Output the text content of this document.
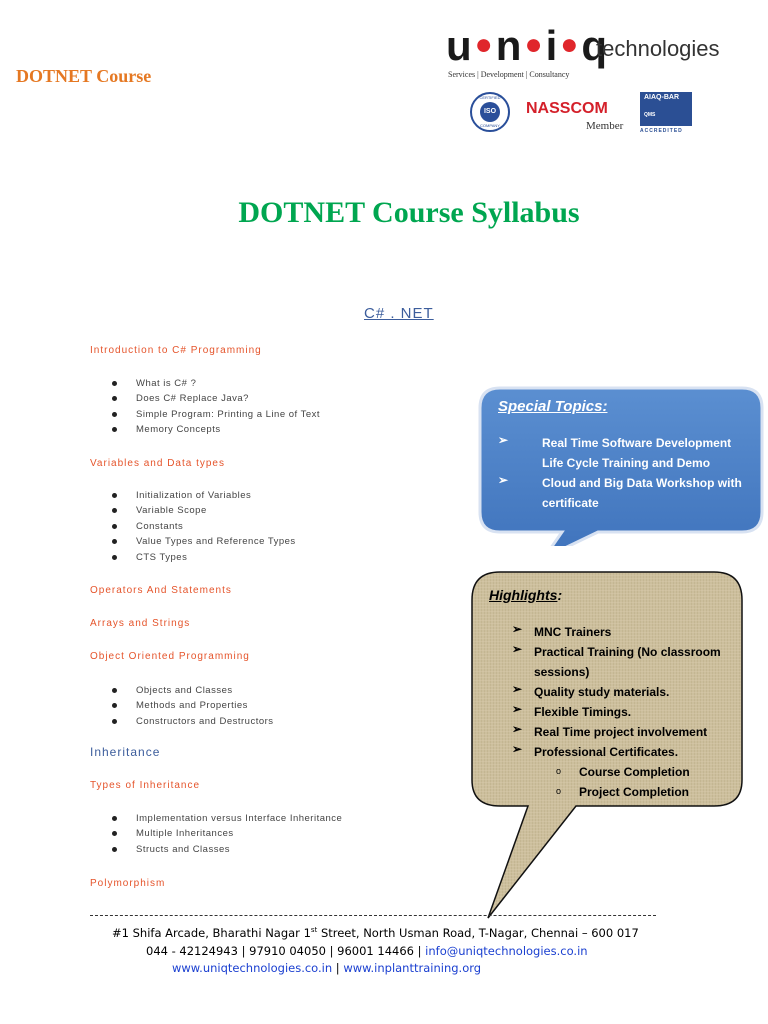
DOTNET Course
u●n●i●q
technologies
Services | Development | Consultancy
CERTIFIED
ISO
COMPANY
NASSCOM
Member
AIAQ-BAR
QMS
ACCREDITED
DOTNET Course Syllabus
C# . NET
Introduction to C# Programming
What is C# ?
Does C# Replace Java?
Simple Program: Printing a Line of Text
Memory Concepts
Variables and Data types
Initialization of Variables
Variable Scope
Constants
Value Types and Reference Types
CTS Types
Operators And Statements
Arrays and Strings
Object Oriented Programming
Objects and Classes
Methods and Properties
Constructors and Destructors
Inheritance
Types of Inheritance
Implementation versus Interface Inheritance
Multiple Inheritances
Structs and Classes
Polymorphism
Special Topics:
➢	Real Time Software Development Life Cycle Training and Demo
➢	Cloud and Big Data Workshop with certificate
Highlights:
➢ MNC Trainers
➢ Practical Training (No classroom sessions)
➢ Quality study materials.
➢ Flexible Timings.
➢ Real Time project involvement
➢ Professional Certificates.
o Course Completion
o Project Completion
#1 Shifa Arcade, Bharathi Nagar 1st Street, North Usman Road, T-Nagar, Chennai – 600 017
044 - 42124943 | 97910 04050 | 96001 14466 | info@uniqtechnologies.co.in
www.uniqtechnologies.co.in | www.inplanttraining.org
